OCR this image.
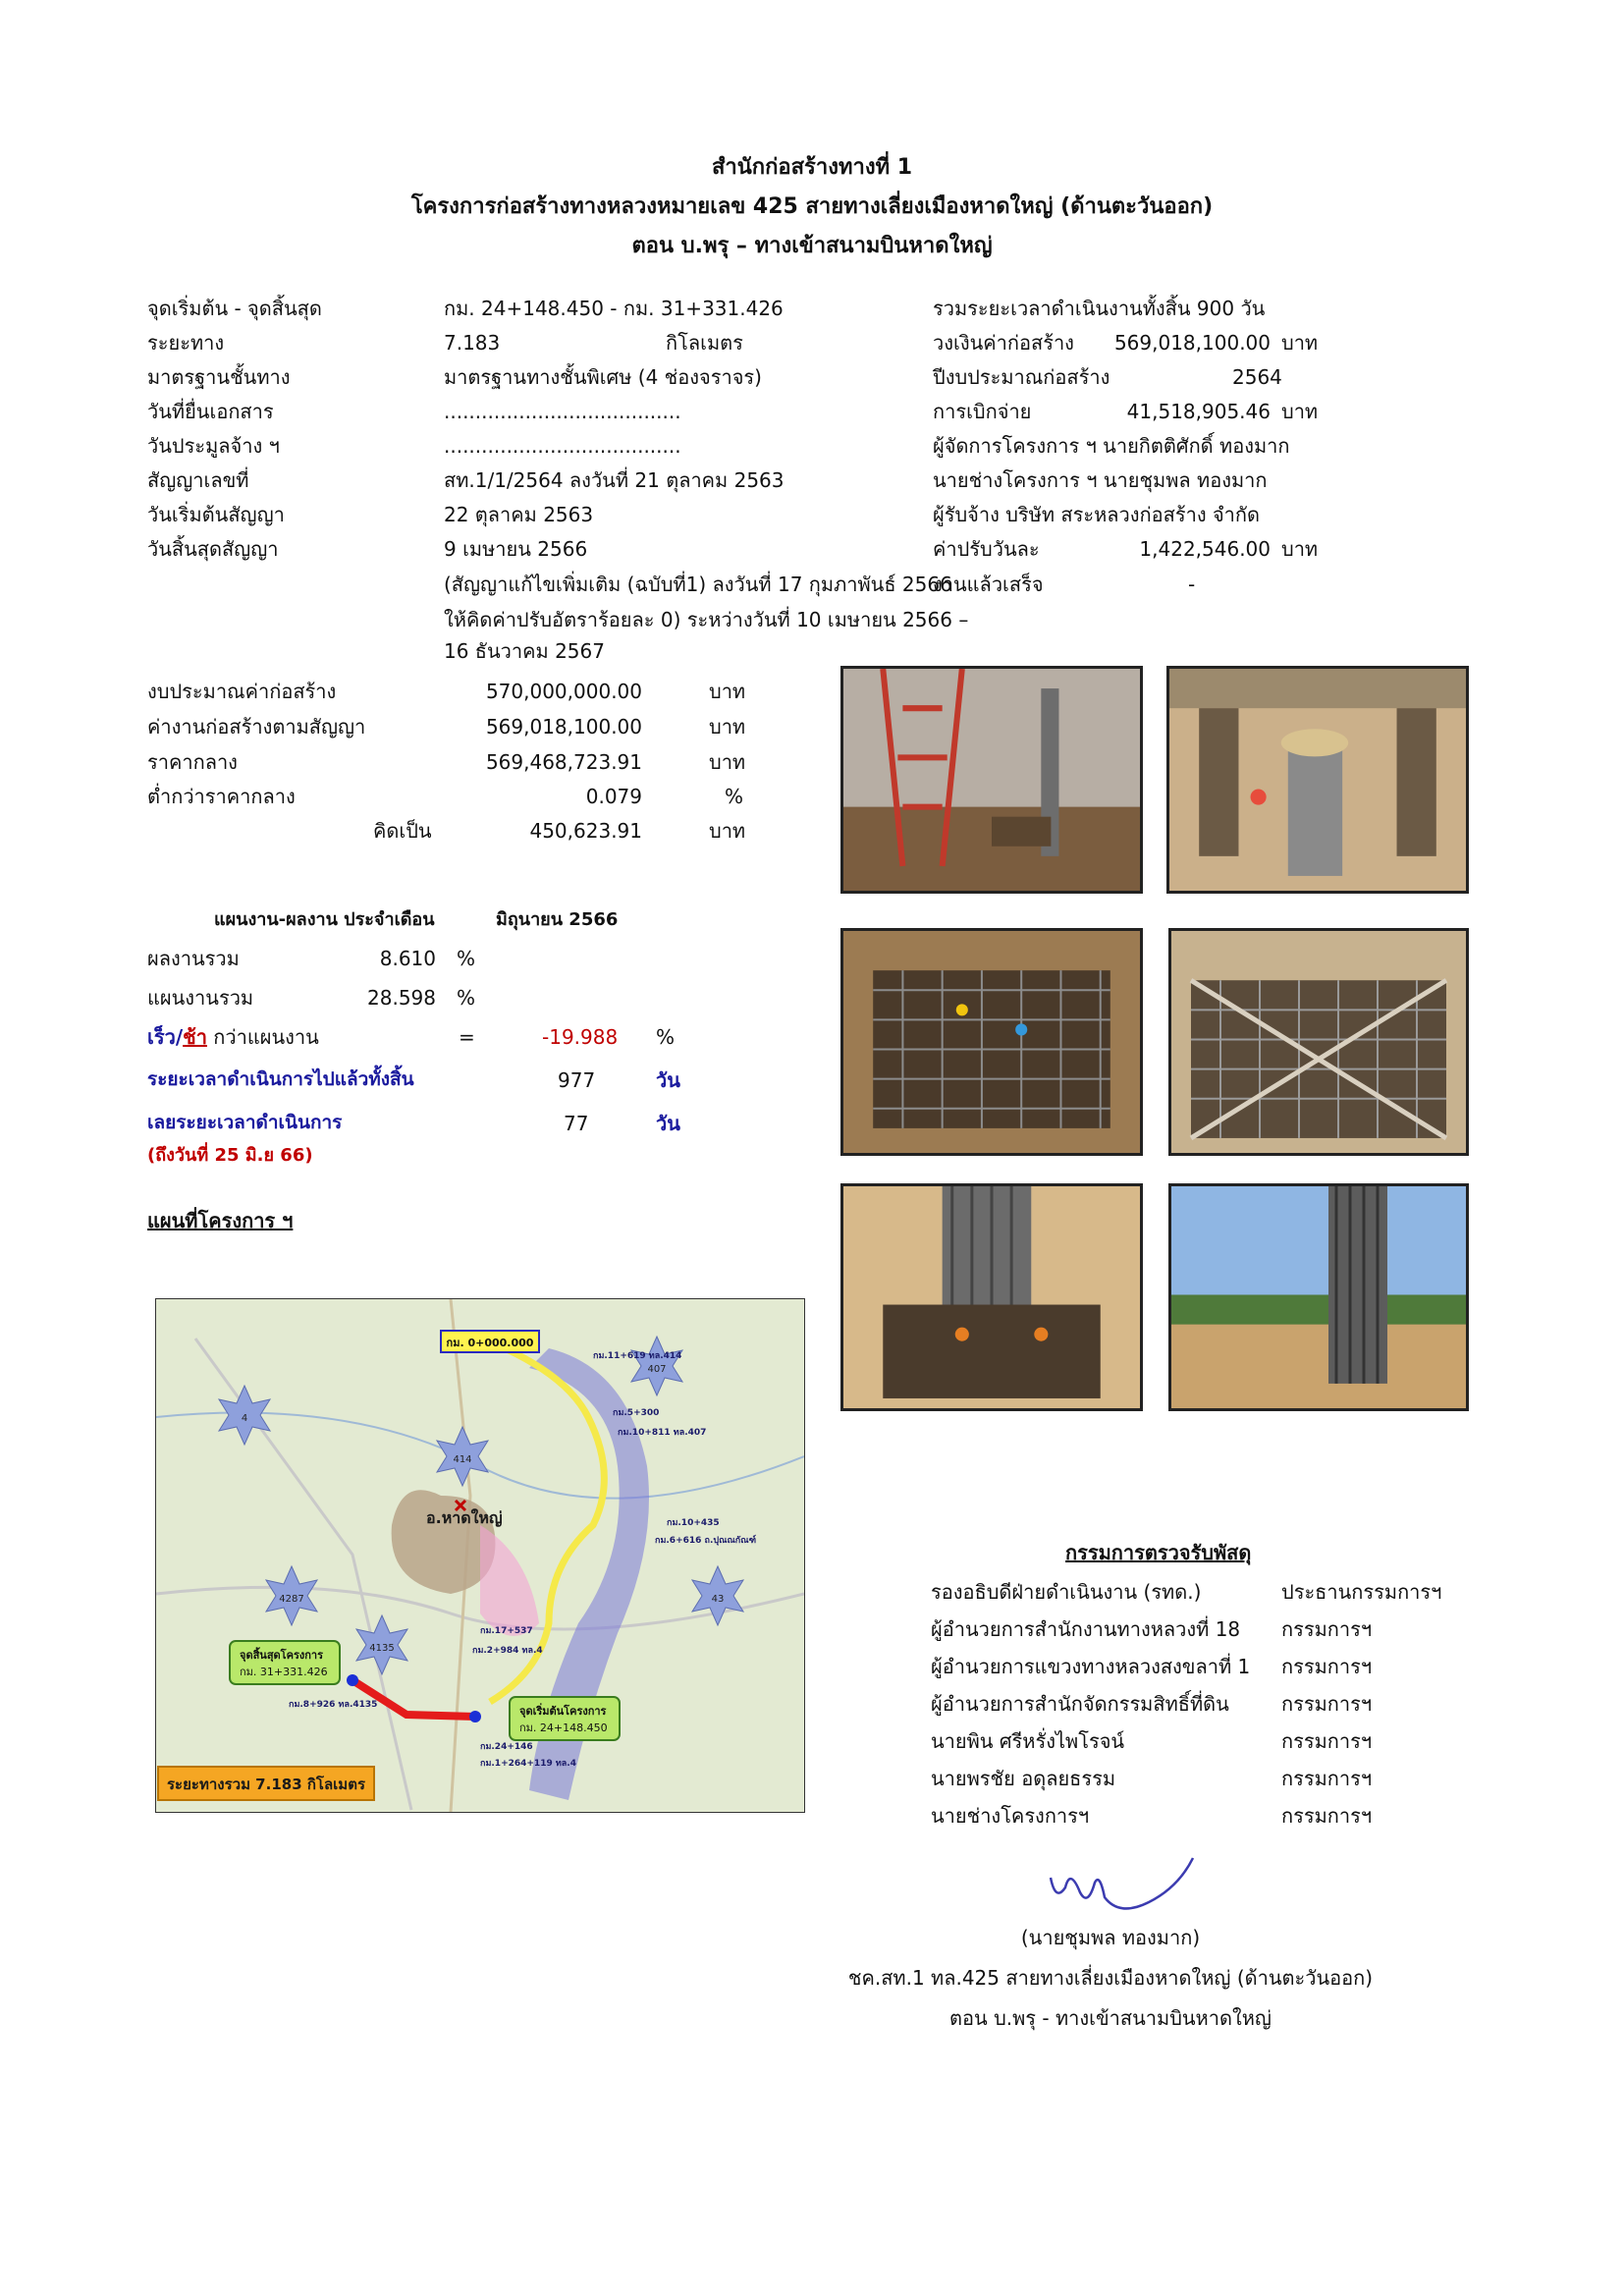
สำนักก่อสร้างทางที่ 1
โครงการก่อสร้างทางหลวงหมายเลข 425 สายทางเลี่ยงเมืองหาดใหญ่ (ด้านตะวันออก)
ตอน บ.พรุ – ทางเข้าสนามบินหาดใหญ่
จุดเริ่มต้น - จุดสิ้นสุด	กม. 24+148.450 - กม. 31+331.426
ระยะทาง	7.183	กิโลเมตร
มาตรฐานชั้นทาง	มาตรฐานทางชั้นพิเศษ (4 ช่องจราจร)
วันที่ยื่นเอกสาร	......................................
วันประมูลจ้าง ฯ	......................................
สัญญาเลขที่	สท.1/1/2564 ลงวันที่ 21 ตุลาคม 2563
วันเริ่มต้นสัญญา	22 ตุลาคม 2563
วันสิ้นสุดสัญญา	9 เมษายน 2566
(สัญญาแก้ไขเพิ่มเติม (ฉบับที่1) ลงวันที่ 17 กุมภาพันธ์ 2566
ให้คิดค่าปรับอัตราร้อยละ 0) ระหว่างวันที่ 10 เมษายน 2566 –
16 ธันวาคม 2567
รวมระยะเวลาดำเนินงานทั้งสิ้น 900 วัน
วงเงินค่าก่อสร้าง 569,018,100.00 บาท
ปีงบประมาณก่อสร้าง	2564
การเบิกจ่าย	41,518,905.46 บาท
ผู้จัดการโครงการ ฯ นายกิตติศักดิ์ ทองมาก
นายช่างโครงการ ฯ นายชุมพล ทองมาก
ผู้รับจ้าง บริษัท สระหลวงก่อสร้าง จำกัด
ค่าปรับวันละ	1,422,546.00 บาท
งานแล้วเสร็จ	-
งบประมาณค่าก่อสร้าง	570,000,000.00	บาท
ค่างานก่อสร้างตามสัญญา	569,018,100.00	บาท
ราคากลาง	569,468,723.91	บาท
ต่ำกว่าราคากลาง	0.079	%
คิดเป็น	450,623.91	บาท
แผนงาน-ผลงาน ประจำเดือน	มิถุนายน 2566
ผลงานรวม	8.610 %
แผนงานรวม	28.598 %
เร็ว/ช้า กว่าแผนงาน	=	-19.988 %
ระยะเวลาดำเนินการไปแล้วทั้งสิ้น	977	วัน
เลยระยะเวลาดำเนินการ	77	วัน
(ถึงวันที่ 25 มิ.ย 66)
แผนที่โครงการ ฯ
4
407
414
4287
4135
43
กม.11+619 ทล.414
กม.5+300
กม.10+811 ทล.407
กม.10+435
กม.6+616 ถ.ปุณณกัณฑ์
กม.17+537
กม.2+984 ทล.4
กม.8+926 ทล.4135
กม.1+264+119 ทล.4
กม.24+146
อ.หาดใหญ่
กม. 0+000.000
จุดสิ้นสุดโครงการ
กม. 31+331.426
จุดเริ่มต้นโครงการ
กม. 24+148.450
ระยะทางรวม 7.183 กิโลเมตร
กรรมการตรวจรับพัสดุ
รองอธิบดีฝ่ายดำเนินงาน (รทด.)	ประธานกรรมการฯ
ผู้อำนวยการสำนักงานทางหลวงที่ 18 กรรมการฯ
ผู้อำนวยการแขวงทางหลวงสงขลาที่ 1 กรรมการฯ
ผู้อำนวยการสำนักจัดกรรมสิทธิ์ที่ดิน	กรรมการฯ
นายพิน ศรีหรั่งไพโรจน์	กรรมการฯ
นายพรชัย อดุลยธรรม	กรรมการฯ
นายช่างโครงการฯ	กรรมการฯ
(นายชุมพล ทองมาก)
ชค.สท.1 ทล.425 สายทางเลี่ยงเมืองหาดใหญ่ (ด้านตะวันออก)
ตอน บ.พรุ - ทางเข้าสนามบินหาดใหญ่
